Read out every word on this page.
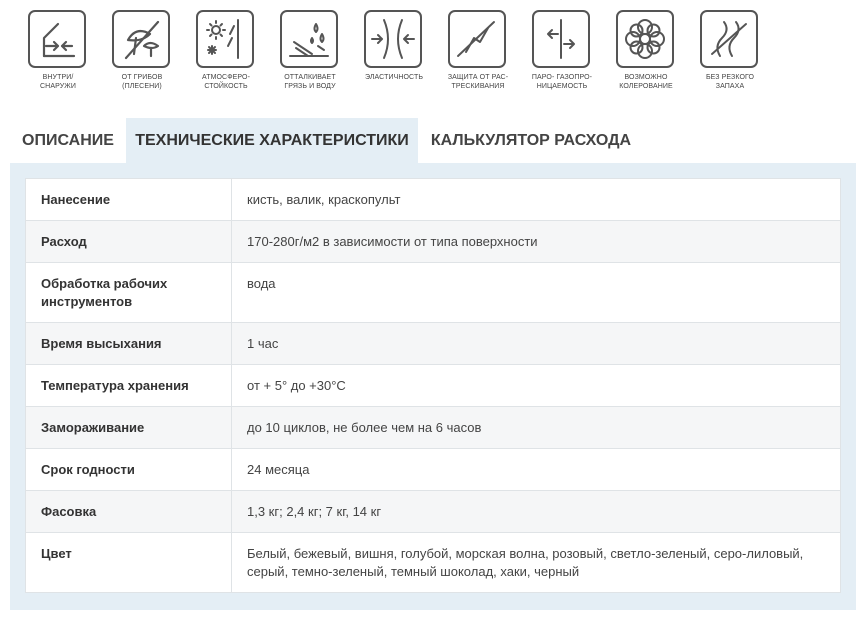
ВНУТРИ/
СНАРУЖИ
ОТ ГРИБОВ
(ПЛЕСЕНИ)
АТМОСФЕРО-
СТОЙКОСТЬ
ОТТАЛКИВАЕТ
ГРЯЗЬ И ВОДУ
ЭЛАСТИЧНОСТЬ	ЗАЩИТА ОТ РАС-
ТРЕСКИВАНИЯ
ПАРО- ГАЗОПРО-
НИЦАЕМОСТЬ
ВОЗМОЖНО
КОЛЕРОВАНИЕ
БЕЗ РЕЗКОГО
ЗАПАХА
ОПИСАНИЕ	ТЕХНИЧЕСКИЕ ХАРАКТЕРИСТИКИ	КАЛЬКУЛЯТОР РАСХОДА
Нанесение	кисть, валик, краскопульт
Расход	170-280г/м2 в зависимости от типа поверхности
Обработка рабочих инструментов	вода
Время высыхания	1 час
Температура хранения	от + 5° до +30°C
Замораживание	до 10 циклов, не более чем на 6 часов
Срок годности	24 месяца
Фасовка	1,3 кг; 2,4 кг; 7 кг, 14 кг
Цвет	Белый, бежевый, вишня, голубой, морская волна, розовый, светло-зеленый, серо-лиловый, серый, темно-зеленый, темный шоколад, хаки, черный
